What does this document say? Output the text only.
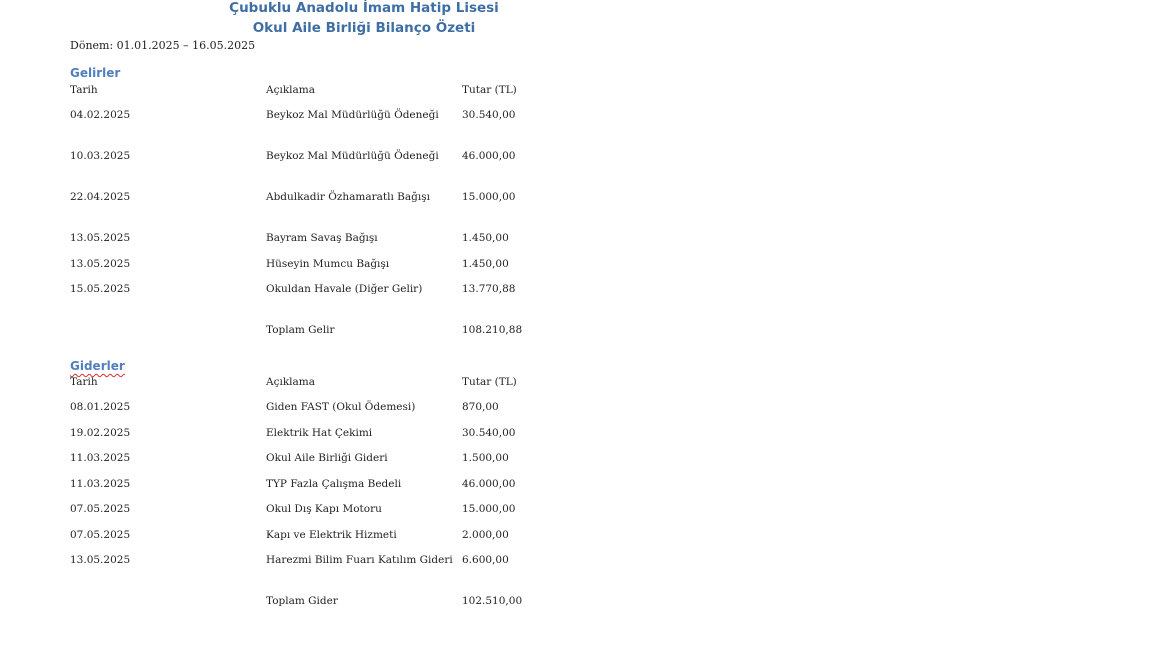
Çubuklu Anadolu İmam Hatip Lisesi
Okul Aile Birliği Bilanço Özeti
Dönem: 01.01.2025 – 16.05.2025
Gelirler
Tarih	Açıklama	Tutar (TL)
04.02.2025	Beykoz Mal Müdürlüğü Ödeneği	30.540,00
10.03.2025	Beykoz Mal Müdürlüğü Ödeneği	46.000,00
22.04.2025	Abdulkadir Özhamaratlı Bağışı	15.000,00
13.05.2025	Bayram Savaş Bağışı	1.450,00
13.05.2025	Hüseyin Mumcu Bağışı	1.450,00
15.05.2025	Okuldan Havale (Diğer Gelir)	13.770,88
Toplam Gelir	108.210,88
Giderler
Tarih	Açıklama	Tutar (TL)
08.01.2025	Giden FAST (Okul Ödemesi)	870,00
19.02.2025	Elektrik Hat Çekimi	30.540,00
11.03.2025	Okul Aile Birliği Gideri	1.500,00
11.03.2025	TYP Fazla Çalışma Bedeli	46.000,00
07.05.2025	Okul Dış Kapı Motoru	15.000,00
07.05.2025	Kapı ve Elektrik Hizmeti	2.000,00
13.05.2025	Harezmi Bilim Fuarı Katılım Gideri 6.600,00
Toplam Gider	102.510,00
